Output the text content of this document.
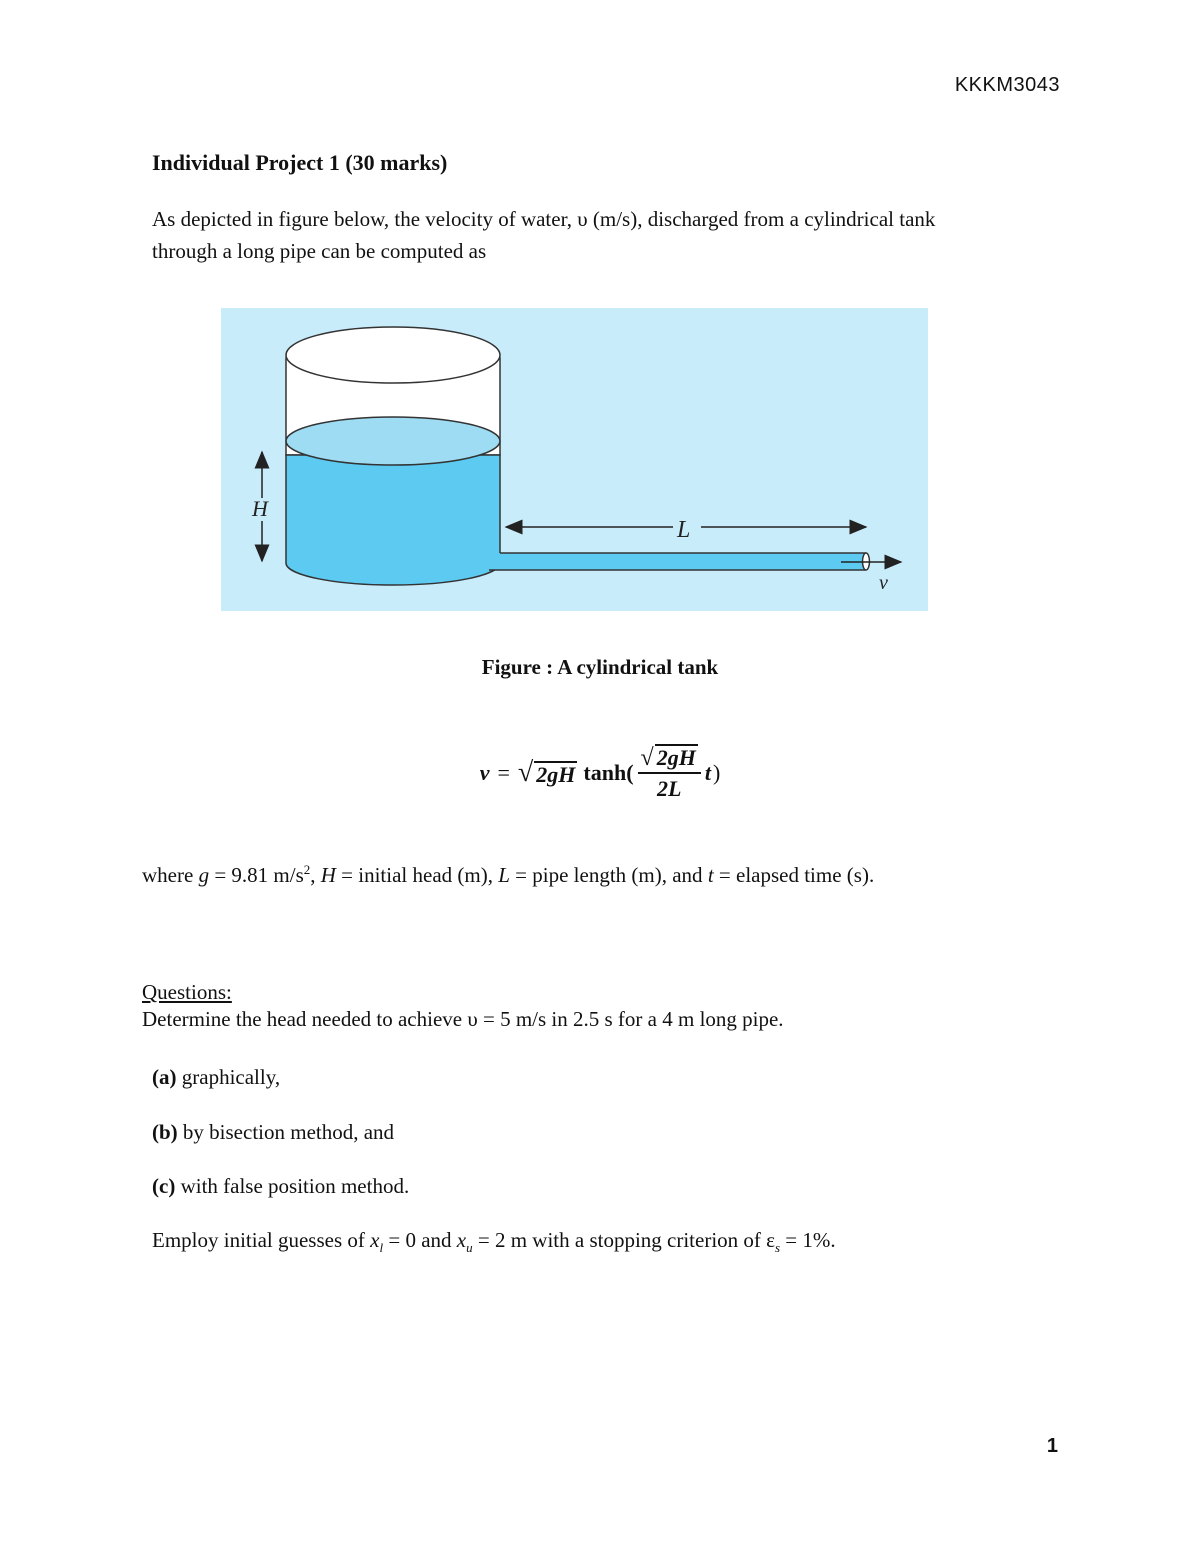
KKKM3043
Individual Project 1 (30 marks)
As depicted in figure below, the velocity of water, υ (m/s), discharged from a cylindrical tank
through a long pipe can be computed as
v
L
H
Figure : A cylindrical tank
v = √ 2gH $\tanh( \frac{√ 2gH}{2L}$ t )
where g = 9.81 $m/s^2$, H = initial head (m), L = pipe length (m), and t = elapsed time (s).
Questions:
Determine the head needed to achieve υ = 5 m/s in 2.5 s for a 4 m long pipe.
(a) graphically,
(b) by bisection method, and
(c) with false position method.
Employ initial guesses of $x_l = 0$ and $x_u = 2$ m with a stopping criterion of $\varepsilon_s = 1\%$.
1
